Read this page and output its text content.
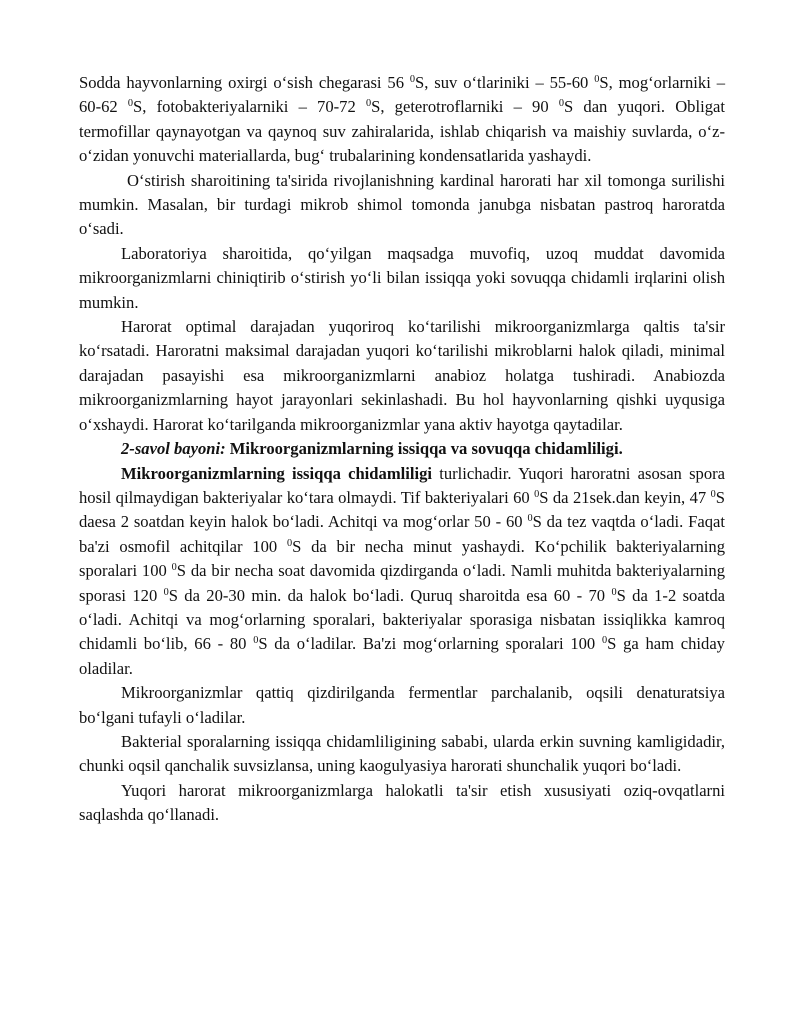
Sodda hayvonlarning oxirgi o‘sish chegarasi 56 $^0$S, suv o‘tlariniki – 55-60 $^0$S, mog‘orlarniki – 60-62 $^0$S, fotobakteriyalarniki – 70-72 $^0$S, geterotroflarniki – 90 $^0$S dan yuqori. Obligat termofillar qaynayotgan va qaynoq suv zahiralarida, ishlab chiqarish va maishiy suvlarda, o‘z-o‘zidan yonuvchi materiallarda, bug‘ trubalarining kondensatlarida yashaydi.

O‘stirish sharoitining ta'sirida rivojlanishning kardinal harorati har xil tomonga surilishi mumkin. Masalan, bir turdagi mikrob shimol tomonda janubga nisbatan pastroq haroratda o‘sadi.

Laboratoriya sharoitida, qo‘yilgan maqsadga muvofiq, uzoq muddat davomida mikroorganizmlarni chiniqtirib o‘stirish yo‘li bilan issiqqa yoki sovuqqa chidamli irqlarini olish mumkin.

Harorat optimal darajadan yuqoriroq ko‘tarilishi mikroorganizmlarga qaltis ta'sir ko‘rsatadi. Haroratni maksimal darajadan yuqori ko‘tarilishi mikroblarni halok qiladi, minimal darajadan pasayishi esa mikroorganizmlarni anabioz holatga tushiradi. Anabiozda mikroorganizmlarning hayot jarayonlari sekinlashadi. Bu hol hayvonlarning qishki uyqusiga o‘xshaydi. Harorat ko‘tarilganda mikroorganizmlar yana aktiv hayotga qaytadilar.

2-savol bayoni: Mikroorganizmlarning issiqqa va sovuqqa chidamliligi.

Mikroorganizmlarning issiqqa chidamliligi turlichadir. Yuqori haroratni asosan spora hosil qilmaydigan bakteriyalar ko‘tara olmaydi. Tif bakteriyalari 60 $^0$S da 21sek.dan keyin, 47 $^0$S daesa 2 soatdan keyin halok bo‘ladi. Achitqi va mog‘orlar 50 - 60 $^0$S da tez vaqtda o‘ladi. Faqat ba'zi osmofil achitqilar 100 $^0$S da bir necha minut yashaydi. Ko‘pchilik bakteriyalarning sporalari 100 $^0$S da bir necha soat davomida qizdirganda o‘ladi. Namli muhitda bakteriyalarning sporasi 120 $^0$S da 20-30 min. da halok bo‘ladi. Quruq sharoitda esa 60 - 70 $^0$S da 1-2 soatda o‘ladi. Achitqi va mog‘orlarning sporalari, bakteriyalar sporasiga nisbatan issiqlikka kamroq chidamli bo‘lib, 66 - 80 $^0$S da o‘ladilar. Ba'zi mog‘orlarning sporalari 100 $^0$S ga ham chiday oladilar.

Mikroorganizmlar qattiq qizdirilganda fermentlar parchalanib, oqsili denaturatsiya bo‘lgani tufayli o‘ladilar.

Bakterial sporalarning issiqqa chidamliligining sababi, ularda erkin suvning kamligidadir, chunki oqsil qanchalik suvsizlansa, uning kaogulyasiya harorati shunchalik yuqori bo‘ladi.

Yuqori harorat mikroorganizmlarga halokatli ta'sir etish xususiyati oziq-ovqatlarni saqlashda qo‘llanadi.
